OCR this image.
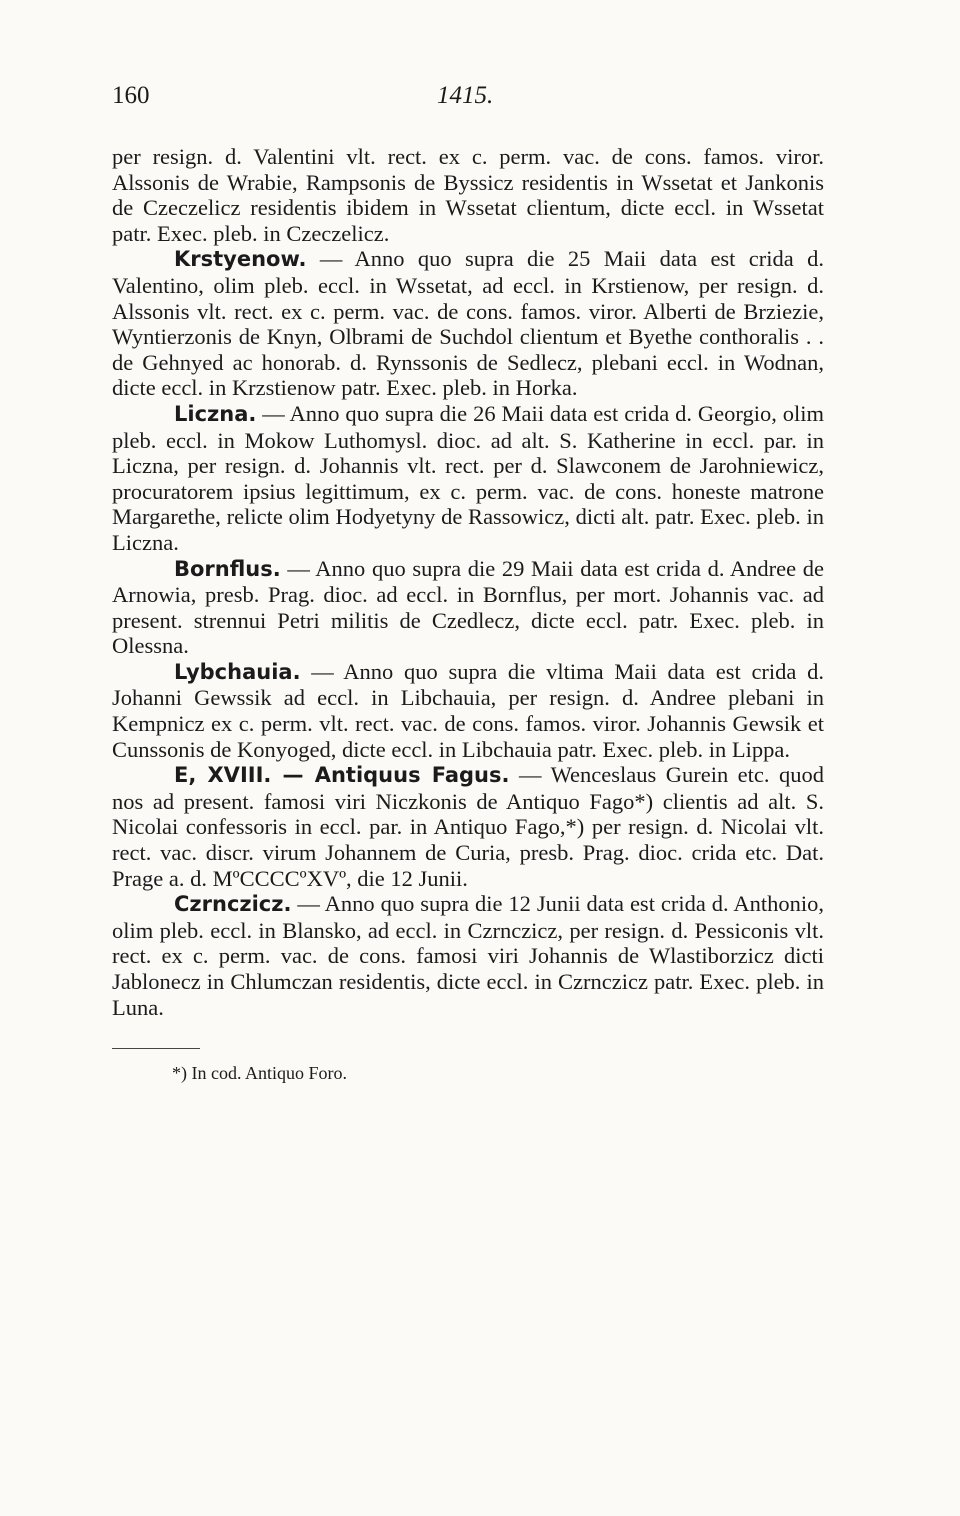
160	1415.

per resign. d. Valentini vlt. rect. ex c. perm. vac. de cons. famos. viror. Alssonis de Wrabie, Rampsonis de Byssicz residentis in Wssetat et Jankonis de Czeczelicz residentis ibidem in Wssetat clientum, dicte eccl. in Wssetat patr. Exec. pleb. in Czeczelicz.

Krstyenow. — Anno quo supra die 25 Maii data est crida d. Valentino, olim pleb. eccl. in Wssetat, ad eccl. in Krstienow, per resign. d. Alssonis vlt. rect. ex c. perm. vac. de cons. famos. viror. Alberti de Brziezie, Wyntierzonis de Knyn, Olbrami de Suchdol clientum et Byethe conthoralis . . de Gehnyed ac honorab. d. Rynssonis de Sedlecz, plebani eccl. in Wodnan, dicte eccl. in Krzstienow patr. Exec. pleb. in Horka.

Liczna. — Anno quo supra die 26 Maii data est crida d. Georgio, olim pleb. eccl. in Mokow Luthomysl. dioc. ad alt. S. Katherine in eccl. par. in Liczna, per resign. d. Johannis vlt. rect. per d. Slawconem de Jarohniewicz, procuratorem ipsius legittimum, ex c. perm. vac. de cons. honeste matrone Margarethe, relicte olim Hodyetyny de Rassowicz, dicti alt. patr. Exec. pleb. in Liczna.

Bornflus. — Anno quo supra die 29 Maii data est crida d. Andree de Arnowia, presb. Prag. dioc. ad eccl. in Bornflus, per mort. Johannis vac. ad present. strennui Petri militis de Czedlecz, dicte eccl. patr. Exec. pleb. in Olessna.

Lybchauia. — Anno quo supra die vltima Maii data est crida d. Johanni Gewssik ad eccl. in Libchauia, per resign. d. Andree plebani in Kempnicz ex c. perm. vlt. rect. vac. de cons. famos. viror. Johannis Gewsik et Cunssonis de Konyoged, dicte eccl. in Libchauia patr. Exec. pleb. in Lippa.

E, XVIII. — Antiquus Fagus. — Wenceslaus Gurein etc. quod nos ad present. famosi viri Niczkonis de Antiquo Fago*) clientis ad alt. S. Nicolai confessoris in eccl. par. in Antiquo Fago,*) per resign. d. Nicolai vlt. rect. vac. discr. virum Johannem de Curia, presb. Prag. dioc. crida etc. Dat. Prage a. d. MºCCCCºXVº, die 12 Junii.

Czrnczicz. — Anno quo supra die 12 Junii data est crida d. Anthonio, olim pleb. eccl. in Blansko, ad eccl. in Czrnczicz, per resign. d. Pessiconis vlt. rect. ex c. perm. vac. de cons. famosi viri Johannis de Wlastiborzicz dicti Jablonecz in Chlumczan residentis, dicte eccl. in Czrnczicz patr. Exec. pleb. in Luna.

*) In cod. Antiquo Foro.
